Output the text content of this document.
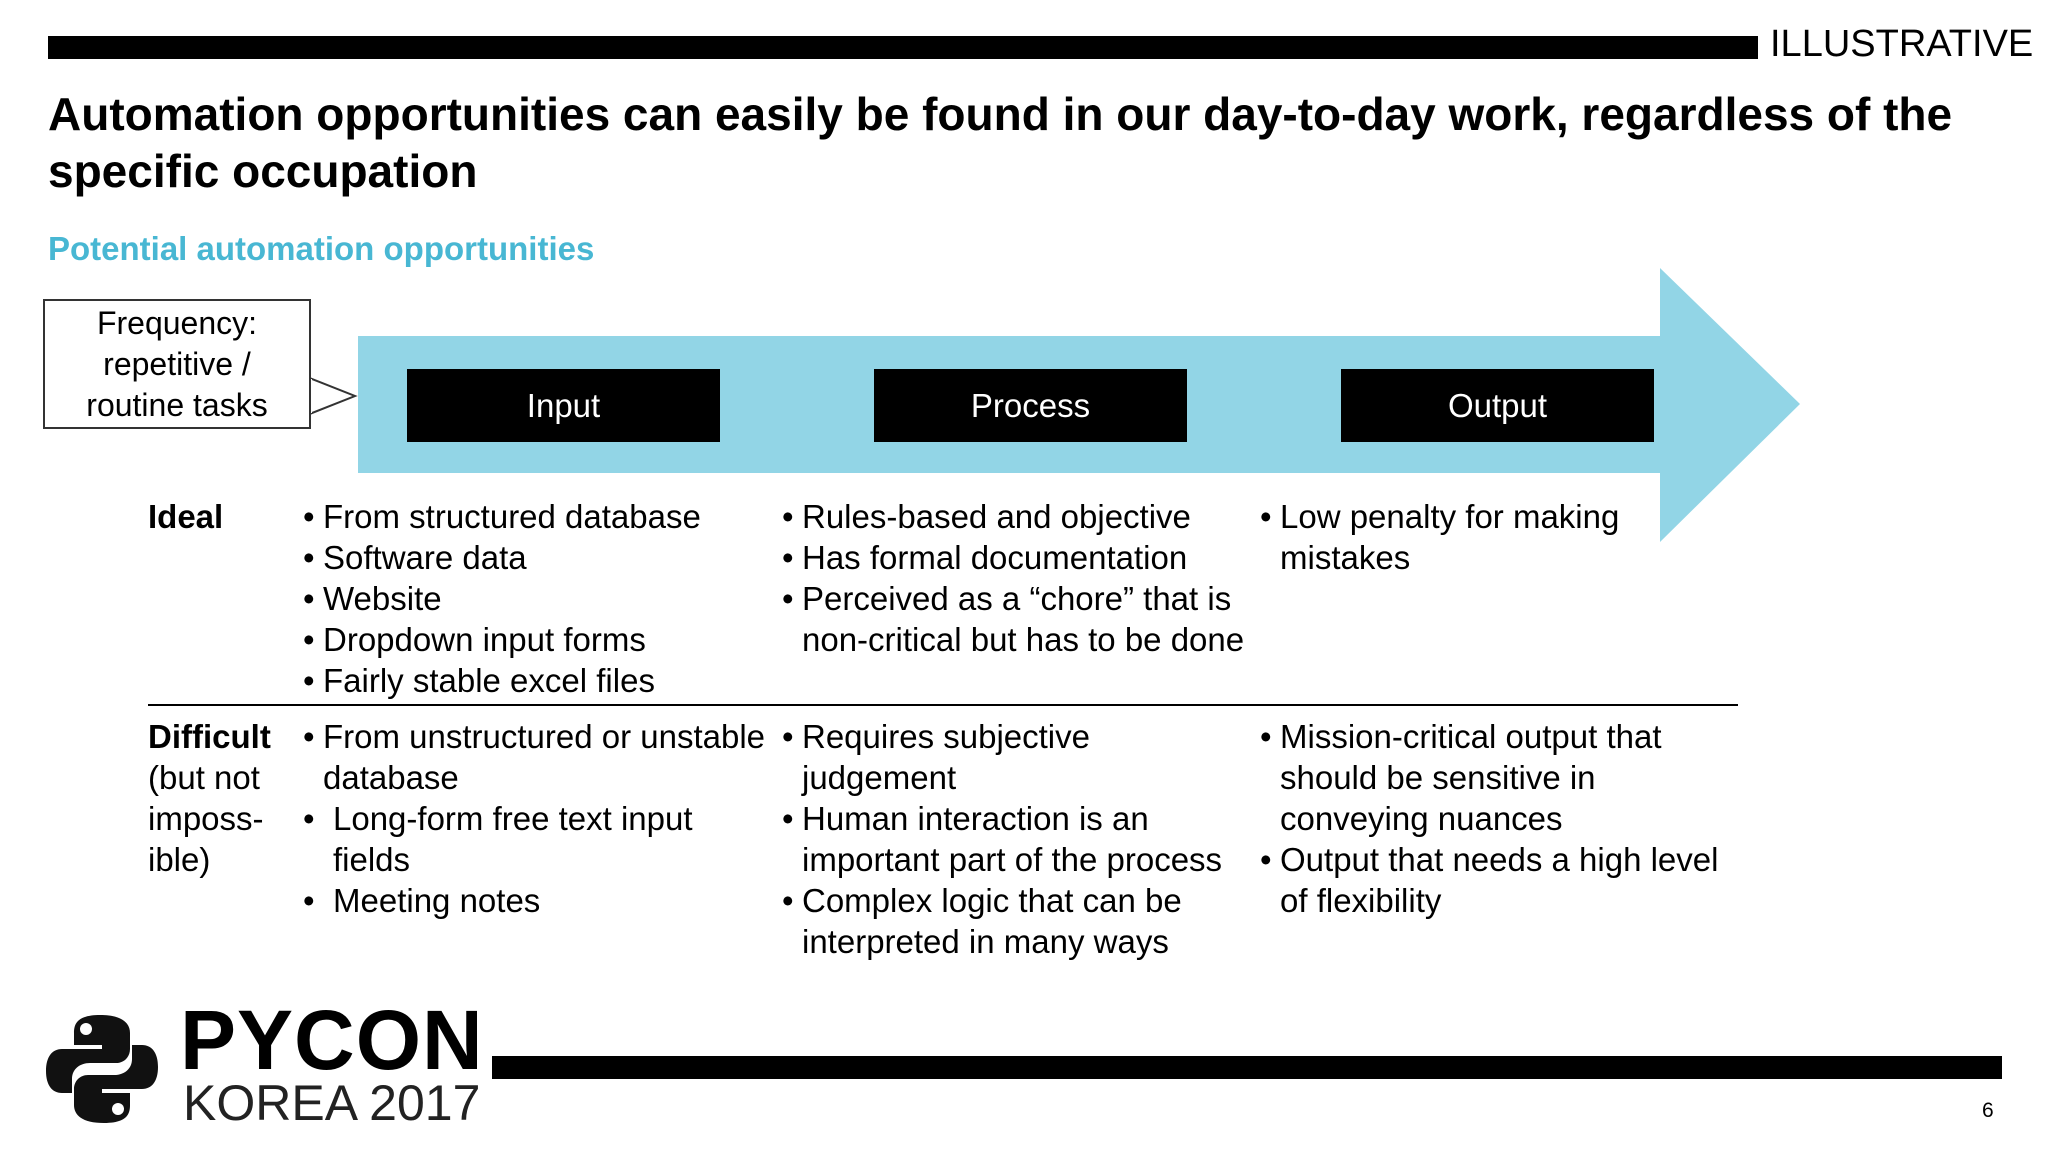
ILLUSTRATIVE
Automation opportunities can easily be found in our day-to-day work, regardless of the specific occupation
Potential automation opportunities
Frequency:
repetitive /
routine tasks	Input	Process	Output
Ideal
•	From structured database
• Software data
• Website
• Dropdown input forms
• Fairly stable excel files
• Rules-based and objective
• Has formal documentation
• Perceived as a “chore” that is
non-critical but has to be done
• Low penalty for making
mistakes
Difficult
(but not
imposs-
ible)
• From unstructured or unstable
database
• Long-form free text input
fields
• Meeting notes
• Requires subjective
judgement
• Human interaction is an
important part of the process
• Complex logic that can be
interpreted in many ways
• Mission-critical output that
should be sensitive in
conveying nuances
• Output that needs a high level
of flexibility
PYCON
KOREA 2017	6
